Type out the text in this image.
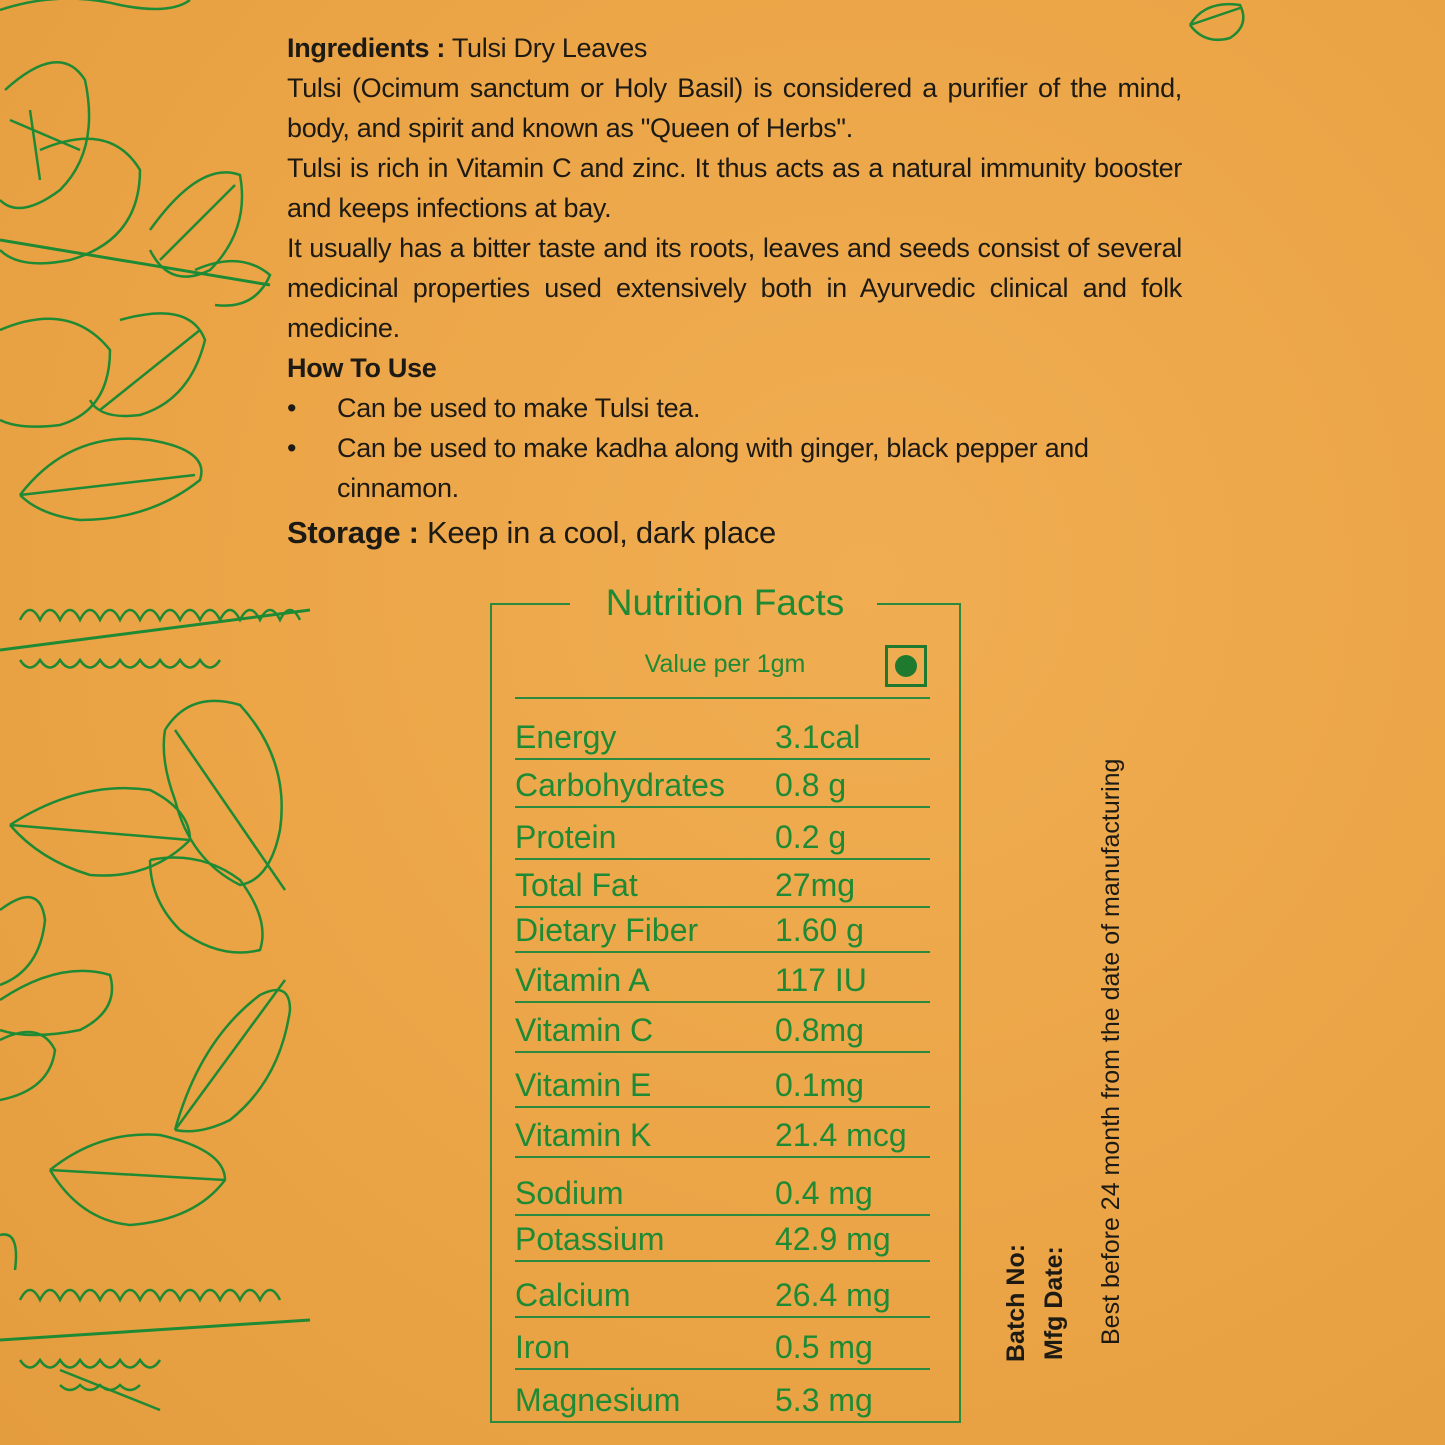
Ingredients : Tulsi Dry Leaves

Tulsi (Ocimum sanctum or Holy Basil) is considered a purifier of the mind, body, and spirit and known as "Queen of Herbs".

Tulsi is rich in Vitamin C and zinc. It thus acts as a natural immunity booster and keeps infections at bay.

It usually has a bitter taste and its roots, leaves and seeds consist of several medicinal properties used extensively both in Ayurvedic clinical and folk medicine.

How To Use

• Can be used to make Tulsi tea.
• Can be used to make kadha along with ginger, black pepper and cinnamon.
Storage : Keep in a cool, dark place
Nutrition Facts
Value per 1gm
Energy	3.1cal
Carbohydrates 0.8 g
Protein	0.2 g
Total Fat	27mg
Dietary Fiber 1.60 g
Vitamin A	117 IU
Vitamin C	0.8mg
Vitamin E	0.1mg
Vitamin K	21.4 mcg
Sodium	0.4 mg
Potassium	42.9 mg
Calcium	26.4 mg
Iron	0.5 mg
Magnesium	5.3 mg
Batch No: Mfg Date: Best before 24 month from the date of manufacturing
